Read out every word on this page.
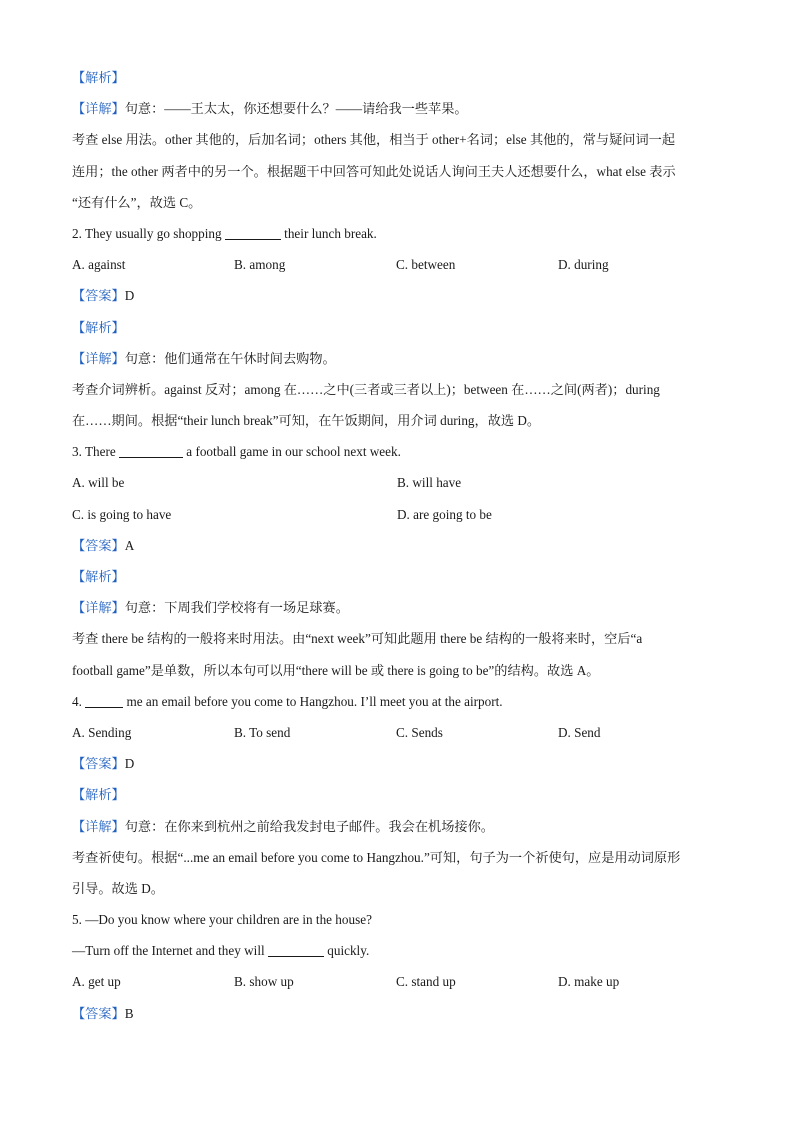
【解析】
【详解】句意：——王太太，你还想要什么？——请给我一些苹果。
考查 else 用法。other 其他的，后加名词；others 其他，相当于 other+名词；else 其他的，常与疑问词一起
连用；the other 两者中的另一个。根据题干中回答可知此处说话人询问王夫人还想要什么，what else 表示
“还有什么”，故选 C。
2. They usually go shopping	their lunch break.
A. against	B. among	C. between	D. during
【答案】D
【解析】
【详解】句意：他们通常在午休时间去购物。
考查介词辨析。against 反对；among 在……之中(三者或三者以上)；between 在……之间(两者)；during
在……期间。根据“their lunch break”可知，在午饭期间，用介词 during，故选 D。
3. There	a football game in our school next week.
A. will be	B. will have
C. is going to have	D. are going to be
【答案】A
【解析】
【详解】句意：下周我们学校将有一场足球赛。
考查 there be 结构的一般将来时用法。由“next week”可知此题用 there be 结构的一般将来时，空后“a
football game”是单数，所以本句可以用“there will be 或 there is going to be”的结构。故选 A。
4.	me an email before you come to Hangzhou. I’ll meet you at the airport.
A. Sending	B. To send	C. Sends	D. Send
【答案】D
【解析】
【详解】句意：在你来到杭州之前给我发封电子邮件。我会在机场接你。
考查祈使句。根据“...me an email before you come to Hangzhou.”可知，句子为一个祈使句，应是用动词原形
引导。故选 D。
5. —Do you know where your children are in the house?
—Turn off the Internet and they will	quickly.
A. get up	B. show up	C. stand up	D. make up
【答案】B
